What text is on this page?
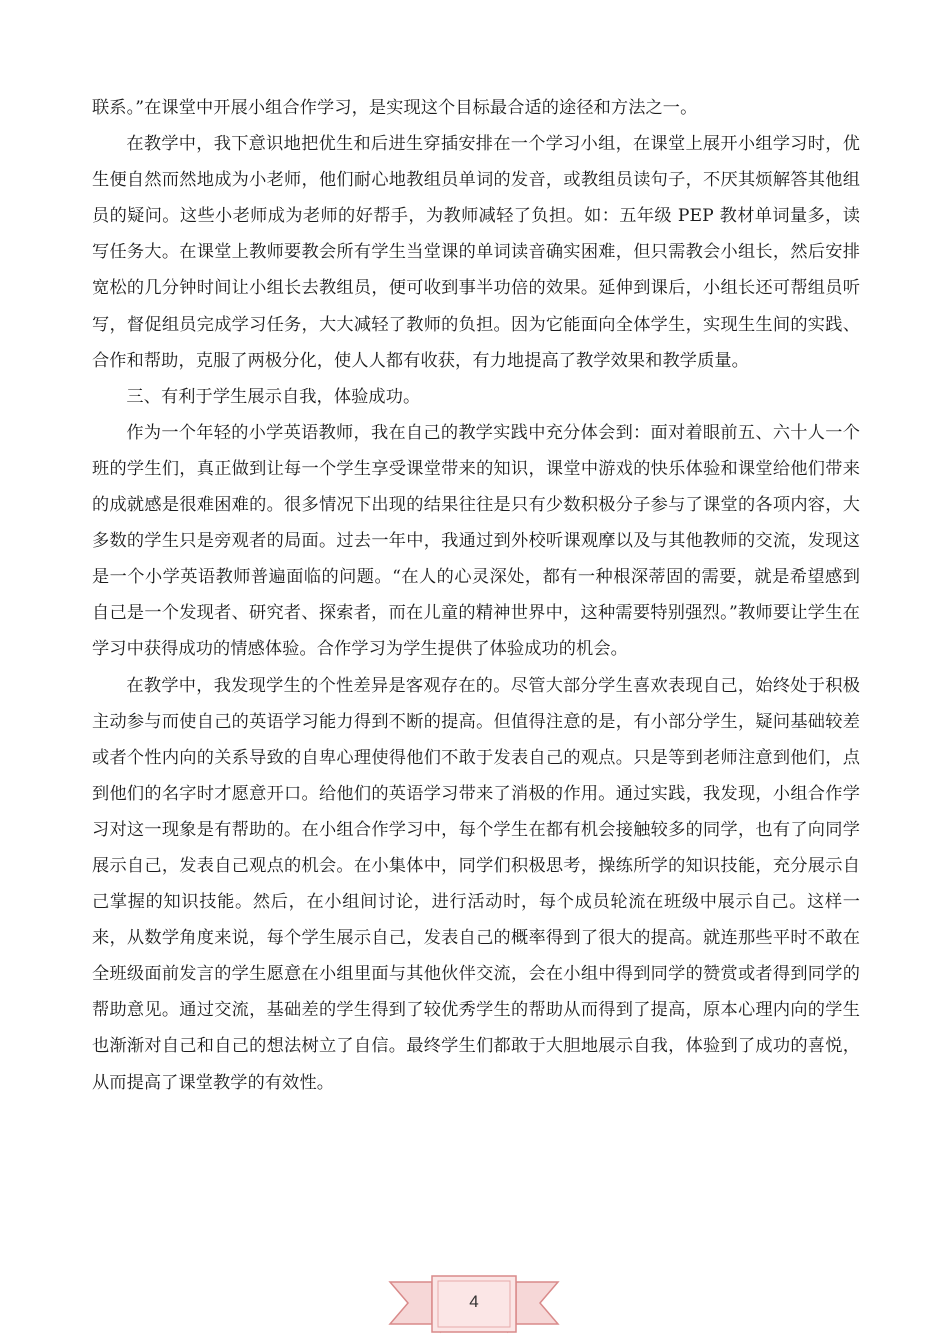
联系。”在课堂中开展小组合作学习，是实现这个目标最合适的途径和方法之一。

在教学中，我下意识地把优生和后进生穿插安排在一个学习小组，在课堂上展开小组学习时，优生便自然而然地成为小老师，他们耐心地教组员单词的发音，或教组员读句子，不厌其烦解答其他组员的疑问。这些小老师成为老师的好帮手，为教师减轻了负担。如：五年级 PEP 教材单词量多，读写任务大。在课堂上教师要教会所有学生当堂课的单词读音确实困难，但只需教会小组长，然后安排宽松的几分钟时间让小组长去教组员，便可收到事半功倍的效果。延伸到课后，小组长还可帮组员听写，督促组员完成学习任务，大大减轻了教师的负担。因为它能面向全体学生，实现生生间的实践、合作和帮助，克服了两极分化，使人人都有收获，有力地提高了教学效果和教学质量。

三、有利于学生展示自我，体验成功。

作为一个年轻的小学英语教师，我在自己的教学实践中充分体会到：面对着眼前五、六十人一个班的学生们，真正做到让每一个学生享受课堂带来的知识，课堂中游戏的快乐体验和课堂给他们带来的成就感是很难困难的。很多情况下出现的结果往往是只有少数积极分子参与了课堂的各项内容，大多数的学生只是旁观者的局面。过去一年中，我通过到外校听课观摩以及与其他教师的交流，发现这是一个小学英语教师普遍面临的问题。“在人的心灵深处，都有一种根深蒂固的需要，就是希望感到自己是一个发现者、研究者、探索者，而在儿童的精神世界中，这种需要特别强烈。”教师要让学生在学习中获得成功的情感体验。合作学习为学生提供了体验成功的机会。

在教学中，我发现学生的个性差异是客观存在的。尽管大部分学生喜欢表现自己，始终处于积极主动参与而使自己的英语学习能力得到不断的提高。但值得注意的是，有小部分学生，疑问基础较差或者个性内向的关系导致的自卑心理使得他们不敢于发表自己的观点。只是等到老师注意到他们，点到他们的名字时才愿意开口。给他们的英语学习带来了消极的作用。通过实践，我发现，小组合作学习对这一现象是有帮助的。在小组合作学习中，每个学生在都有机会接触较多的同学，也有了向同学展示自己，发表自己观点的机会。在小集体中，同学们积极思考，操练所学的知识技能，充分展示自己掌握的知识技能。然后，在小组间讨论，进行活动时，每个成员轮流在班级中展示自己。这样一来，从数学角度来说，每个学生展示自己，发表自己的概率得到了很大的提高。就连那些平时不敢在全班级面前发言的学生愿意在小组里面与其他伙伴交流，会在小组中得到同学的赞赏或者得到同学的帮助意见。通过交流，基础差的学生得到了较优秀学生的帮助从而得到了提高，原本心理内向的学生也渐渐对自己和自己的想法树立了自信。最终学生们都敢于大胆地展示自我，体验到了成功的喜悦，从而提高了课堂教学的有效性。

4
